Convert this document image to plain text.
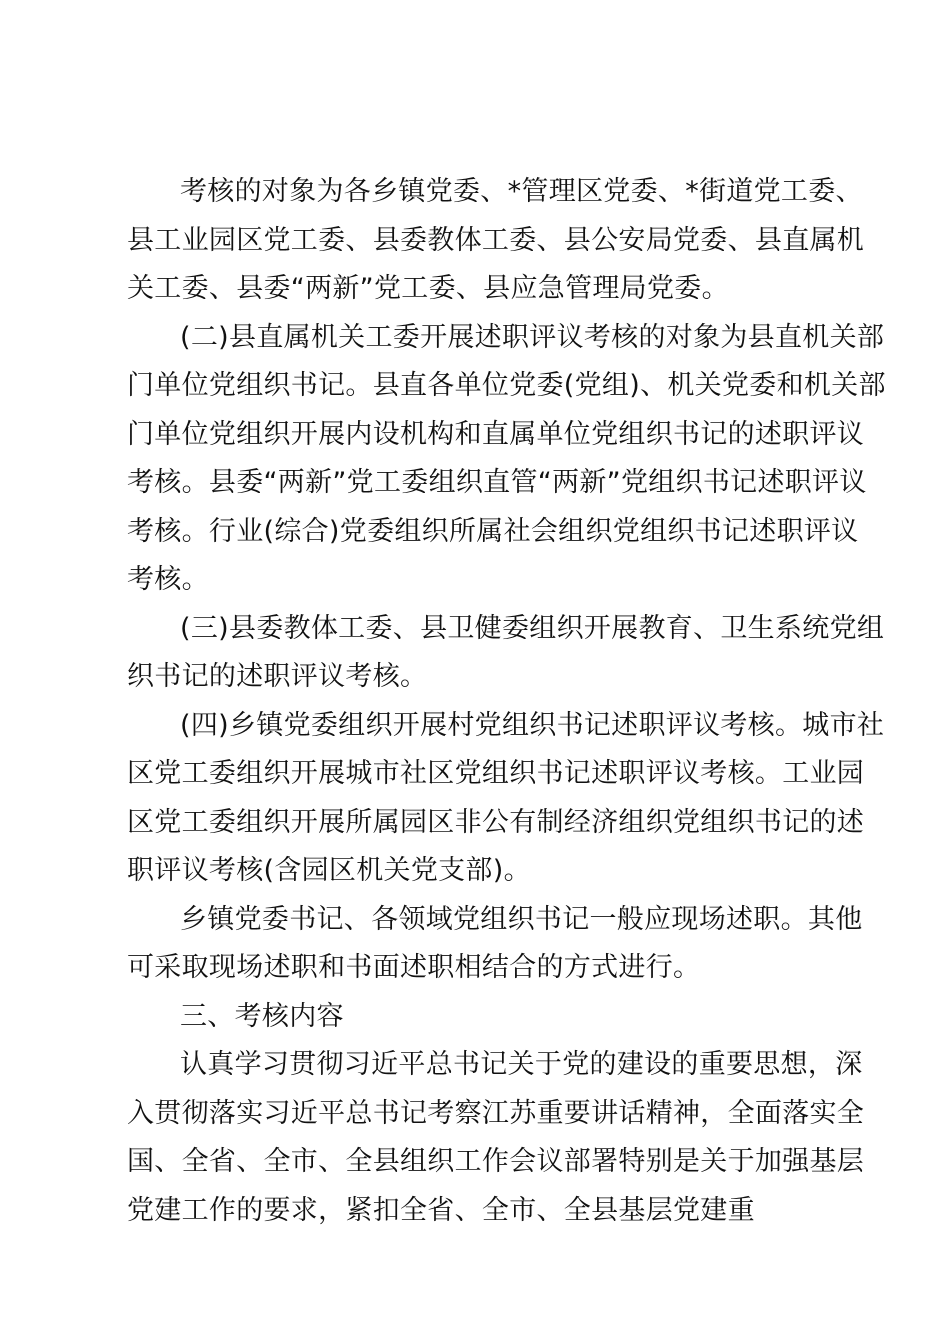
考核的对象为各乡镇党委、*管理区党委、*街道党工委、
县工业园区党工委、县委教体工委、县公安局党委、县直属机
关工委、县委“两新”党工委、县应急管理局党委。
(二)县直属机关工委开展述职评议考核的对象为县直机关部
门单位党组织书记。县直各单位党委(党组)、机关党委和机关部
门单位党组织开展内设机构和直属单位党组织书记的述职评议
考核。县委“两新”党工委组织直管“两新”党组织书记述职评议
考核。行业(综合)党委组织所属社会组织党组织书记述职评议
考核。
(三)县委教体工委、县卫健委组织开展教育、卫生系统党组
织书记的述职评议考核。
(四)乡镇党委组织开展村党组织书记述职评议考核。城市社
区党工委组织开展城市社区党组织书记述职评议考核。工业园
区党工委组织开展所属园区非公有制经济组织党组织书记的述
职评议考核(含园区机关党支部)。
乡镇党委书记、各领域党组织书记一般应现场述职。其他
可采取现场述职和书面述职相结合的方式进行。
三、考核内容
认真学习贯彻习近平总书记关于党的建设的重要思想，深
入贯彻落实习近平总书记考察江苏重要讲话精神，全面落实全
国、全省、全市、全县组织工作会议部署特别是关于加强基层
党建工作的要求，紧扣全省、全市、全县基层党建重
